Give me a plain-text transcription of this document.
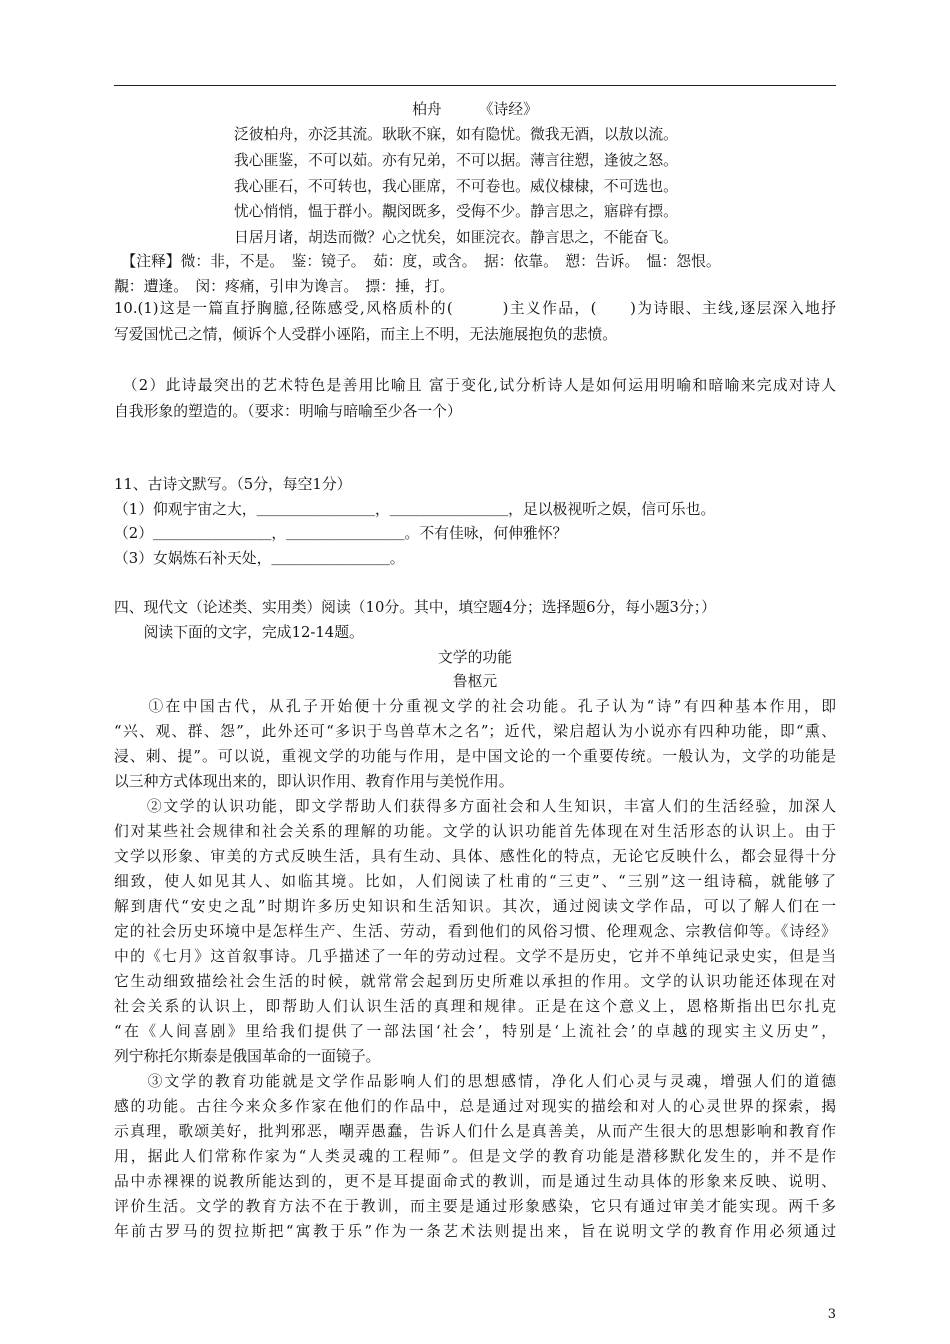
柏舟　　　《诗经》
泛彼柏舟，亦泛其流。耿耿不寐，如有隐忧。微我无酒，以敖以流。
我心匪鉴，不可以茹。亦有兄弟，不可以据。薄言往愬，逢彼之怒。
我心匪石，不可转也，我心匪席，不可卷也。威仪棣棣，不可选也。
忧心悄悄，愠于群小。覯闵既多，受侮不少。静言思之，寤辟有摽。
日居月诸，胡迭而微？心之忧矣，如匪浣衣。静言思之，不能奋飞。
　【注释】微：非，不是。　鉴：镜子。　茹：度，或含。　据：依靠。　愬：告诉。　愠：怨恨。
覯：遭逢。　闵：疼痛，引申为谗言。　摽：捶，打。
10.(1)这是一篇直抒胸臆,径陈感受,风格质朴的(　　　)主义作品，(　　)为诗眼、主线,逐层深入地抒
写爱国忧己之情，倾诉个人受群小诬陷，而主上不明，无法施展抱负的悲愤。
　（2）此诗最突出的艺术特色是善用比喻且 富于变化,试分析诗人是如何运用明喻和暗喻来完成对诗人
自我形象的塑造的。（要求：明喻与暗喻至少各一个）
11、古诗文默写。（5分，每空1分）
（1）仰观宇宙之大，＿＿＿＿＿＿＿＿，＿＿＿＿＿＿＿＿，足以极视听之娱，信可乐也。
（2）＿＿＿＿＿＿＿＿，＿＿＿＿＿＿＿＿。不有佳咏，何伸雅怀？
（3）女娲炼石补天处，＿＿＿＿＿＿＿＿。
四、现代文（论述类、实用类）阅读（10分。其中，填空题4分；选择题6分，每小题3分；）
　　阅读下面的文字，完成12-14题。
文学的功能
鲁枢元
　　①在中国古代，从孔子开始便十分重视文学的社会功能。孔子认为“诗”有四种基本作用，即
“兴、观、群、怨”，此外还可“多识于鸟兽草木之名”；近代，梁启超认为小说亦有四种功能，即“熏、
浸、刺、提”。可以说，重视文学的功能与作用，是中国文论的一个重要传统。一般认为，文学的功能是
以三种方式体现出来的，即认识作用、教育作用与美悦作用。
　　②文学的认识功能，即文学帮助人们获得多方面社会和人生知识，丰富人们的生活经验，加深人
们对某些社会规律和社会关系的理解的功能。文学的认识功能首先体现在对生活形态的认识上。由于
文学以形象、审美的方式反映生活，具有生动、具体、感性化的特点，无论它反映什么，都会显得十分
细致，使人如见其人、如临其境。比如，人们阅读了杜甫的“三吏”、“三别”这一组诗稿，就能够了
解到唐代“安史之乱”时期许多历史知识和生活知识。其次，通过阅读文学作品，可以了解人们在一
定的社会历史环境中是怎样生产、生活、劳动，看到他们的风俗习惯、伦理观念、宗教信仰等。《诗经》
中的《七月》这首叙事诗。几乎描述了一年的劳动过程。文学不是历史，它并不单纯记录史实，但是当
它生动细致描绘社会生活的时候，就常常会起到历史所难以承担的作用。文学的认识功能还体现在对
社会关系的认识上，即帮助人们认识生活的真理和规律。正是在这个意义上，恩格斯指出巴尔扎克
“在《人间喜剧》里给我们提供了一部法国‘社会’，特别是‘上流社会’的卓越的现实主义历史”，
列宁称托尔斯泰是俄国革命的一面镜子。
　　③文学的教育功能就是文学作品影响人们的思想感情，净化人们心灵与灵魂，增强人们的道德
感的功能。古往今来众多作家在他们的作品中，总是通过对现实的描绘和对人的心灵世界的探索，揭
示真理，歌颂美好，批判邪恶，嘲弄愚蠢，告诉人们什么是真善美，从而产生很大的思想影响和教育作
用，据此人们常称作家为“人类灵魂的工程师”。但是文学的教育功能是潜移默化发生的，并不是作
品中赤裸裸的说教所能达到的，更不是耳提面命式的教训，而是通过生动具体的形象来反映、说明、
评价生活。文学的教育方法不在于教训，而主要是通过形象感染，它只有通过审美才能实现。两千多
年前古罗马的贺拉斯把“寓教于乐”作为一条艺术法则提出来，旨在说明文学的教育作用必须通过
3
